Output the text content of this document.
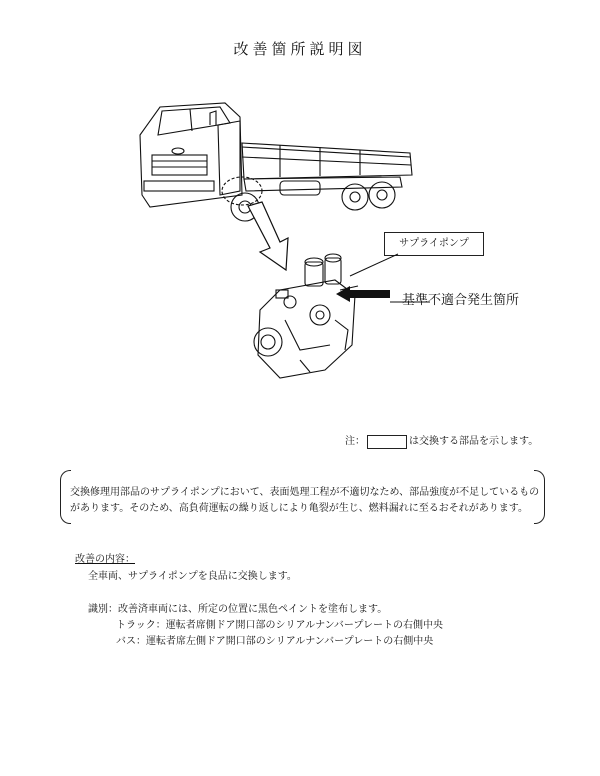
改善箇所説明図
サプライポンプ
基準不適合発生箇所
注：	は交換する部品を示します。
交換修理用部品のサプライポンプにおいて、表面処理工程が不適切なため、部品強度が不足しているものがあります。そのため、高負荷運転の繰り返しにより亀裂が生じ、燃料漏れに至るおそれがあります。
改善の内容：
全車両、サプライポンプを良品に交換します。
識別：改善済車両には、所定の位置に黒色ペイントを塗布します。
トラック：運転者席側ドア開口部のシリアルナンバープレートの右側中央
バス：運転者席左側ドア開口部のシリアルナンバープレートの右側中央
